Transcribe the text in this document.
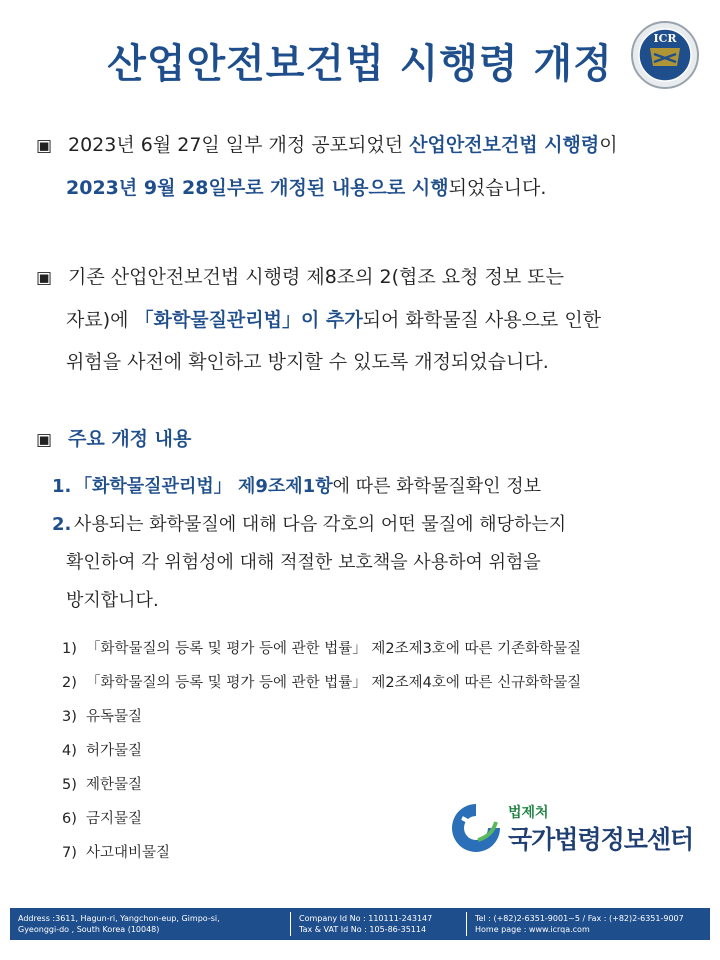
산업안전보건법 시행령 개정
ICR
▣ 2023년 6월 27일 일부 개정 공포되었던 산업안전보건법 시행령이
2023년 9월 28일부로 개정된 내용으로 시행되었습니다.
▣ 기존 산업안전보건법 시행령 제8조의 2(협조 요청 정보 또는
자료)에 「화학물질관리법」이 추가되어 화학물질 사용으로 인한
위험을 사전에 확인하고 방지할 수 있도록 개정되었습니다.
▣ 주요 개정 내용
1. 「화학물질관리법」 제9조제1항에 따른 화학물질확인 정보
2. 사용되는 화학물질에 대해 다음 각호의 어떤 물질에 해당하는지
확인하여 각 위험성에 대해 적절한 보호책을 사용하여 위험을
방지합니다.
1) 「화학물질의 등록 및 평가 등에 관한 법률」 제2조제3호에 따른 기존화학물질
2) 「화학물질의 등록 및 평가 등에 관한 법률」 제2조제4호에 따른 신규화학물질
3) 유독물질
4) 허가물질
5) 제한물질
6) 금지물질
7) 사고대비물질
법제처
국가법령정보센터
Address :3611, Hagun-ri, Yangchon-eup, Gimpo-si,
Gyeonggi-do , South Korea (10048)
Company Id No : 110111-243147
Tax & VAT Id No : 105-86-35114
Tel : (+82)2-6351-9001~5 / Fax : (+82)2-6351-9007
Home page : www.icrqa.com
